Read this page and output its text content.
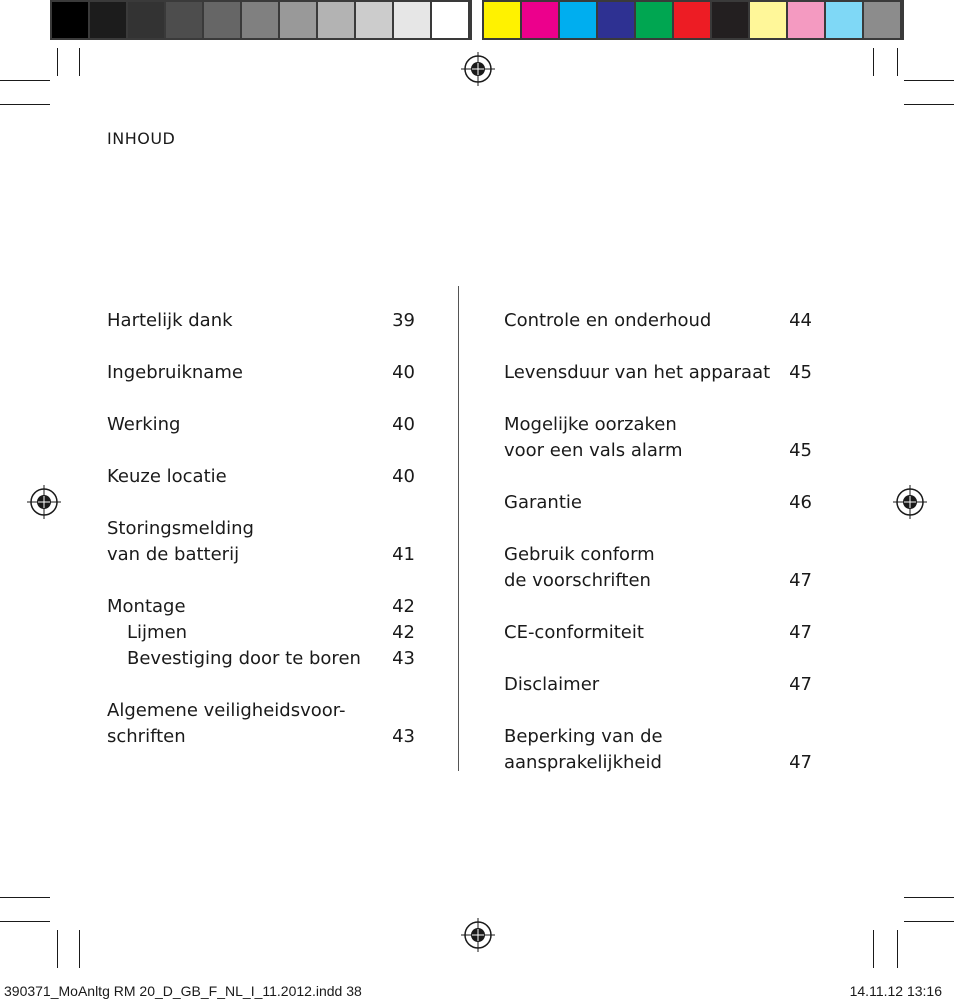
INHOUD
Hartelijk dank	39
Ingebruikname	40
Werking	40
Keuze locatie	40
Storingsmelding
van de batterij	41
Montage	42
Lijmen	42
Bevestiging door te boren	43
Algemene veiligheidsvoor-
schriften	43
Controle en onderhoud	44
Levensduur van het apparaat	45
Mogelijke oorzaken
voor een vals alarm	45
Garantie	46
Gebruik conform
de voorschriften	47
CE-conformiteit	47
Disclaimer	47
Beperking van de
aansprakelijkheid	47
390371_MoAnltg RM 20_D_GB_F_NL_I_11.2012.indd 38	14.11.12 13:16
